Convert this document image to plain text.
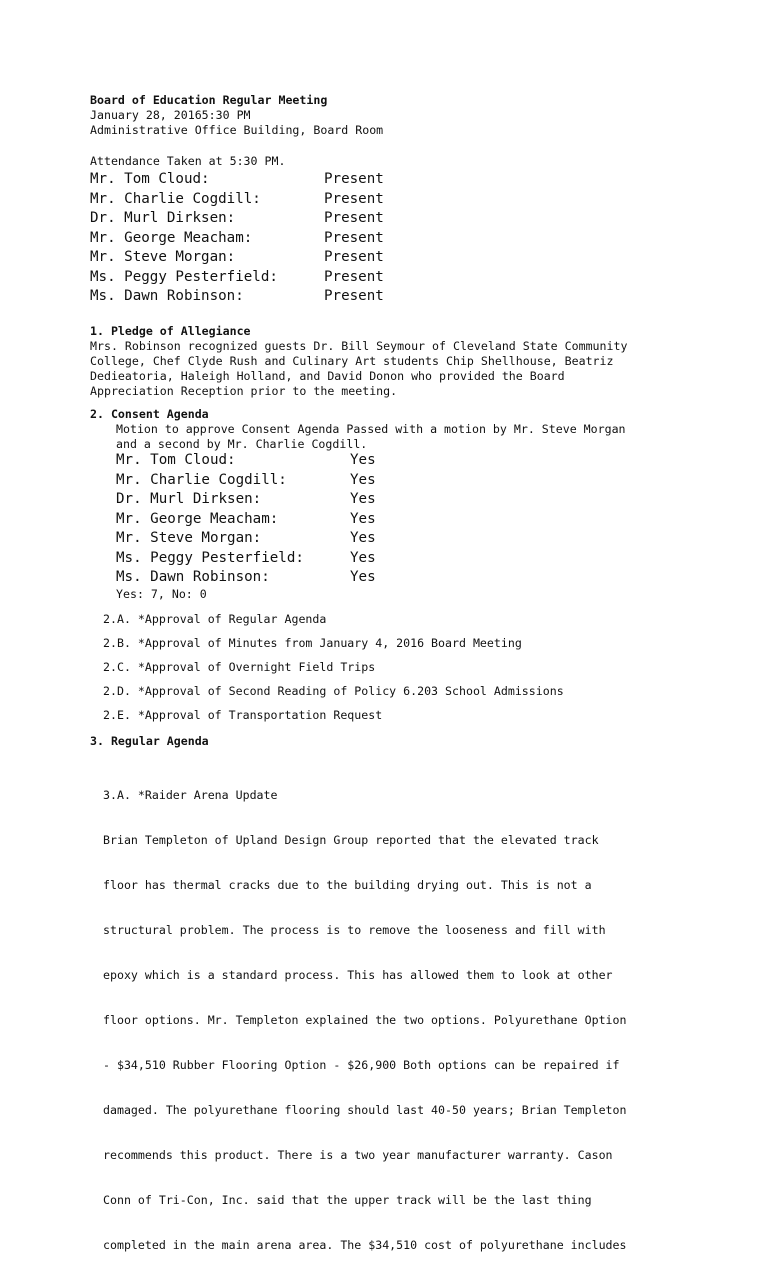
Board of Education Regular Meeting
January 28, 20165:30 PM
Administrative Office Building, Board Room
Attendance Taken at 5:30 PM.
Mr. Tom Cloud:	Present
Mr. Charlie Cogdill:	Present
Dr. Murl Dirksen:	Present
Mr. George Meacham:	Present
Mr. Steve Morgan:	Present
Ms. Peggy Pesterfield:	Present
Ms. Dawn Robinson:	Present
1. Pledge of Allegiance
Mrs. Robinson recognized guests Dr. Bill Seymour of Cleveland State Community
College, Chef Clyde Rush and Culinary Art students Chip Shellhouse, Beatriz
Dedieatoria, Haleigh Holland, and David Donon who provided the Board
Appreciation Reception prior to the meeting.
2. Consent Agenda
Motion to approve Consent Agenda Passed with a motion by Mr. Steve Morgan
and a second by Mr. Charlie Cogdill.
Mr. Tom Cloud:	Yes
Mr. Charlie Cogdill:	Yes
Dr. Murl Dirksen:	Yes
Mr. George Meacham:	Yes
Mr. Steve Morgan:	Yes
Ms. Peggy Pesterfield:	Yes
Ms. Dawn Robinson:	Yes
Yes: 7, No: 0
2.A. *Approval of Regular Agenda
2.B. *Approval of Minutes from January 4, 2016 Board Meeting
2.C. *Approval of Overnight Field Trips
2.D. *Approval of Second Reading of Policy 6.203 School Admissions
2.E. *Approval of Transportation Request
3. Regular Agenda

3.A. *Raider Arena Update

Brian Templeton of Upland Design Group reported that the elevated track

floor has thermal cracks due to the building drying out. This is not a

structural problem. The process is to remove the looseness and fill with

epoxy which is a standard process. This has allowed them to look at other

floor options. Mr. Templeton explained the two options. Polyurethane Option

- $34,510 Rubber Flooring Option - $26,900 Both options can be repaired if

damaged. The polyurethane flooring should last 40-50 years; Brian Templeton

recommends this product. There is a two year manufacturer warranty. Cason

Conn of Tri-Con, Inc. said that the upper track will be the last thing

completed in the main arena area. The $34,510 cost of polyurethane includes
